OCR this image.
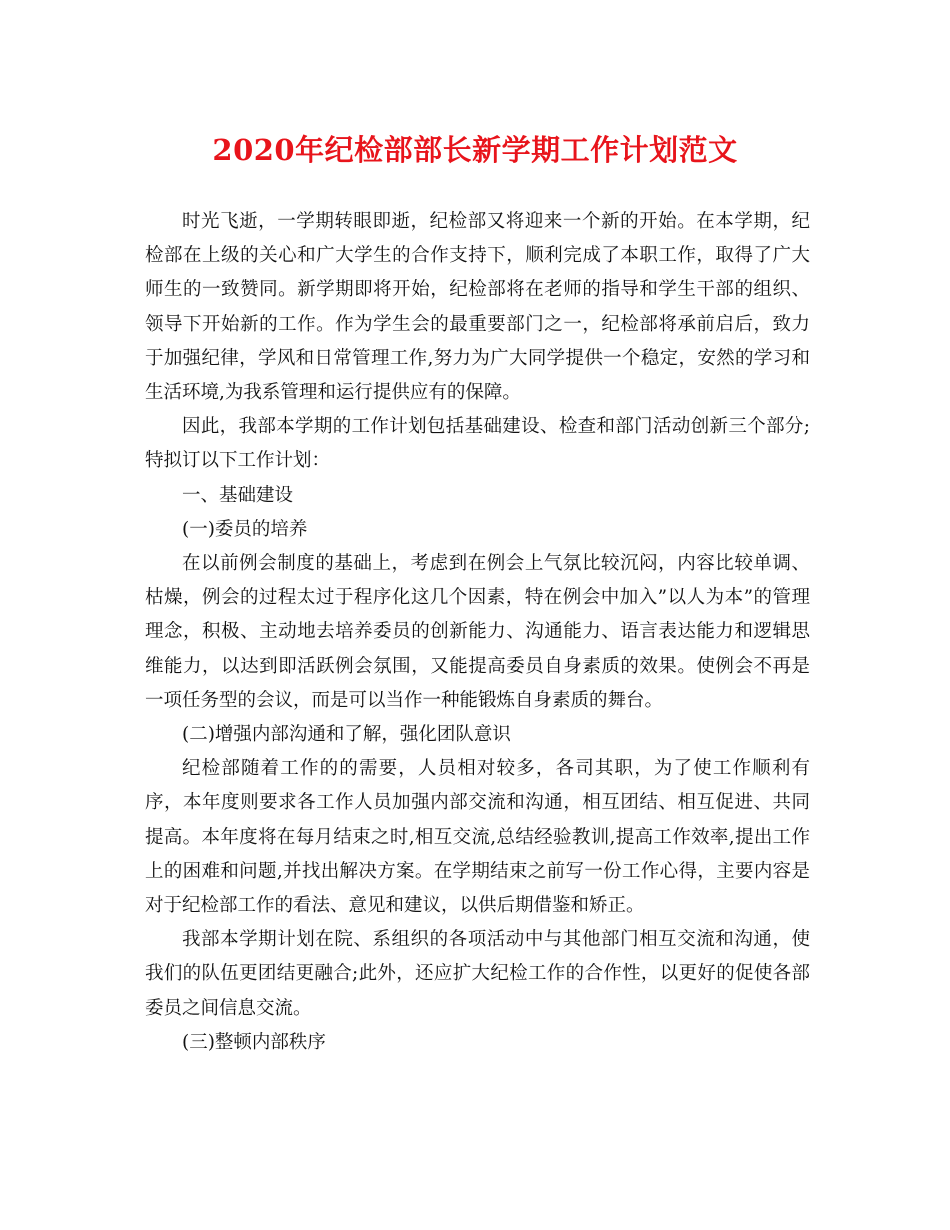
2020年纪检部部长新学期工作计划范文

时光飞逝，一学期转眼即逝，纪检部又将迎来一个新的开始。在本学期，纪检部在上级的关心和广大学生的合作支持下，顺利完成了本职工作，取得了广大师生的一致赞同。新学期即将开始，纪检部将在老师的指导和学生干部的组织、领导下开始新的工作。作为学生会的最重要部门之一，纪检部将承前启后，致力于加强纪律，学风和日常管理工作,努力为广大同学提供一个稳定，安然的学习和生活环境,为我系管理和运行提供应有的保障。

因此，我部本学期的工作计划包括基础建设、检查和部门活动创新三个部分;特拟订以下工作计划：

一、基础建设

(一)委员的培养

在以前例会制度的基础上，考虑到在例会上气氛比较沉闷，内容比较单调、枯燥，例会的过程太过于程序化这几个因素，特在例会中加入”以人为本”的管理理念，积极、主动地去培养委员的创新能力、沟通能力、语言表达能力和逻辑思维能力，以达到即活跃例会氛围，又能提高委员自身素质的效果。使例会不再是一项任务型的会议，而是可以当作一种能锻炼自身素质的舞台。

(二)增强内部沟通和了解，强化团队意识

纪检部随着工作的的需要，人员相对较多，各司其职，为了使工作顺利有序，本年度则要求各工作人员加强内部交流和沟通，相互团结、相互促进、共同提高。本年度将在每月结束之时,相互交流,总结经验教训,提高工作效率,提出工作上的困难和问题,并找出解决方案。在学期结束之前写一份工作心得，主要内容是对于纪检部工作的看法、意见和建议，以供后期借鉴和矫正。

我部本学期计划在院、系组织的各项活动中与其他部门相互交流和沟通，使我们的队伍更团结更融合;此外，还应扩大纪检工作的合作性，以更好的促使各部委员之间信息交流。

(三)整顿内部秩序
